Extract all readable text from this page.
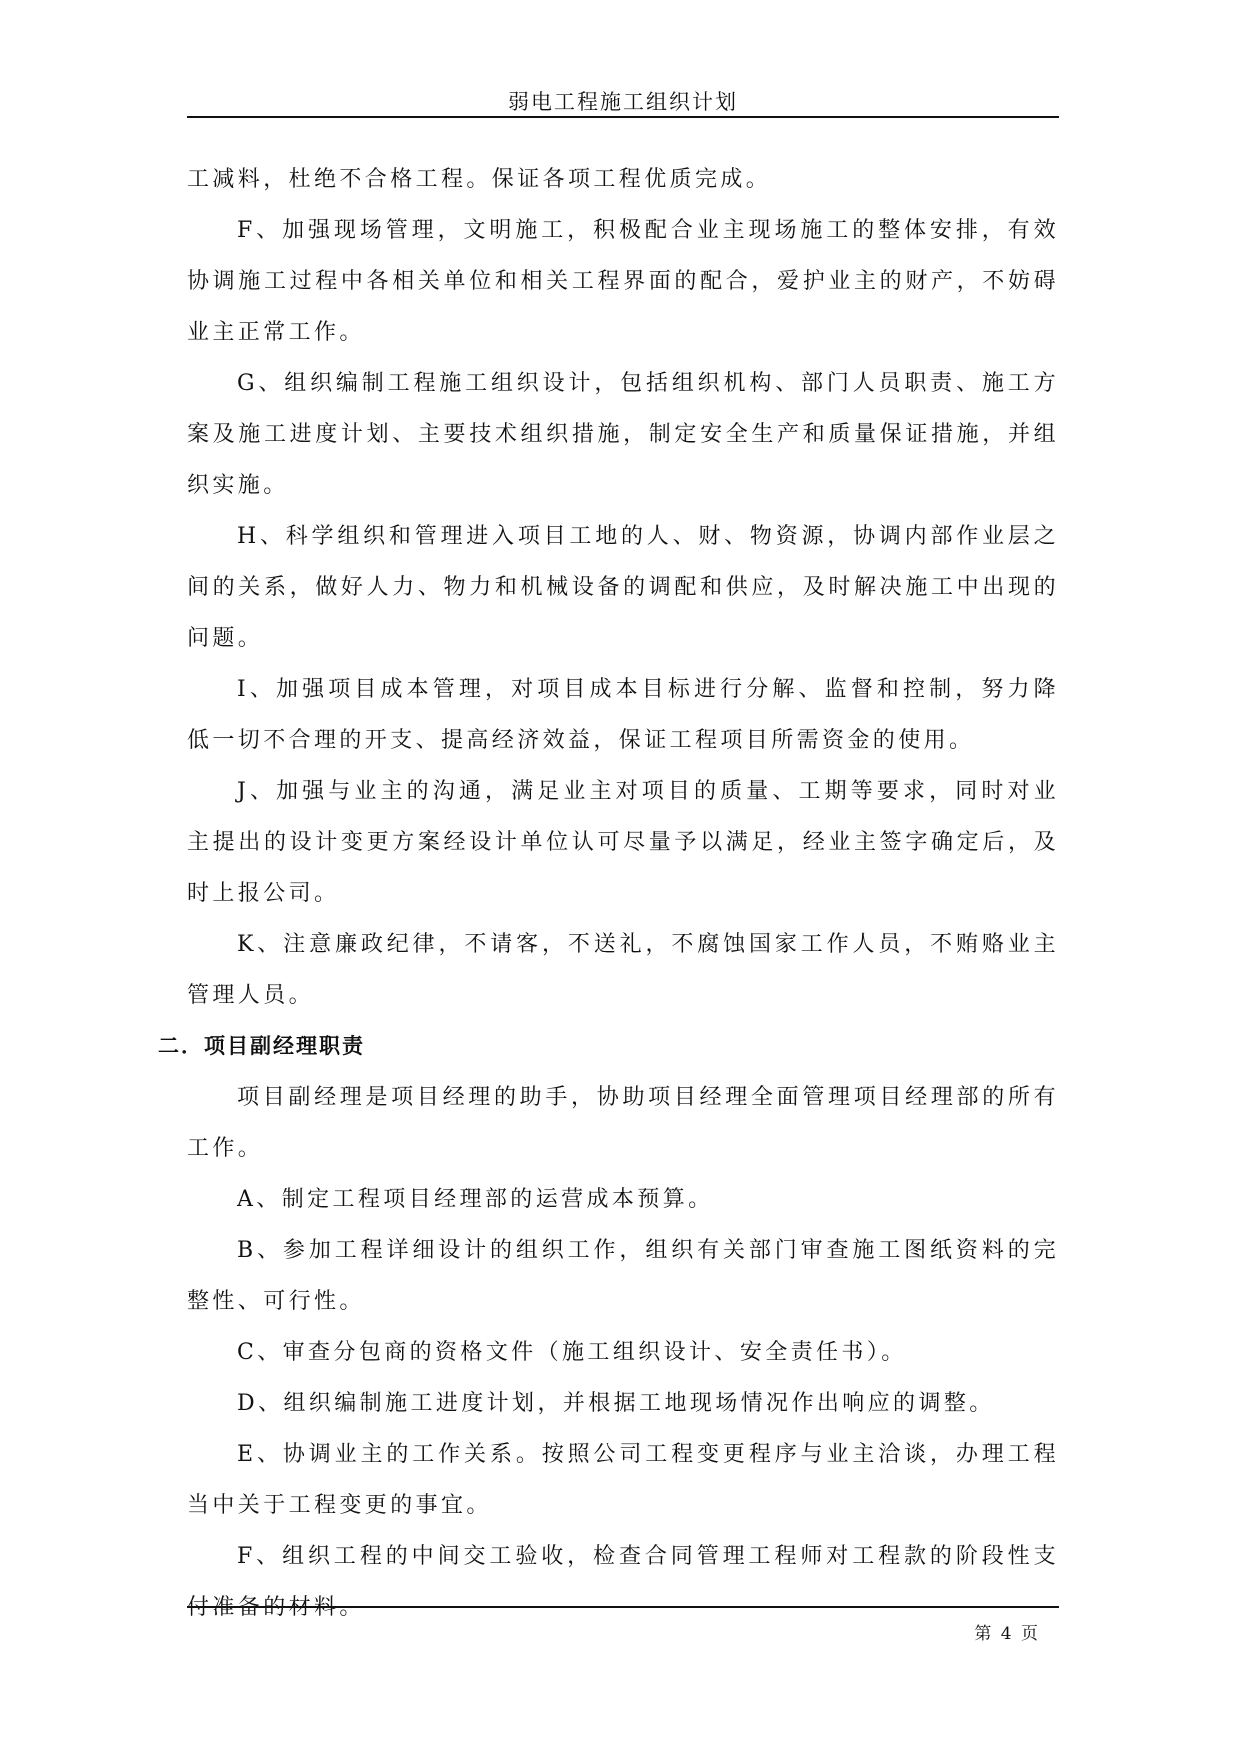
弱电工程施工组织计划

工减料，杜绝不合格工程。保证各项工程优质完成。

F、加强现场管理，文明施工，积极配合业主现场施工的整体安排，有效协调施工过程中各相关单位和相关工程界面的配合，爱护业主的财产，不妨碍业主正常工作。

G、组织编制工程施工组织设计，包括组织机构、部门人员职责、施工方案及施工进度计划、主要技术组织措施，制定安全生产和质量保证措施，并组织实施。

H、科学组织和管理进入项目工地的人、财、物资源，协调内部作业层之间的关系，做好人力、物力和机械设备的调配和供应，及时解决施工中出现的问题。

I、加强项目成本管理，对项目成本目标进行分解、监督和控制，努力降低一切不合理的开支、提高经济效益，保证工程项目所需资金的使用。

J、加强与业主的沟通，满足业主对项目的质量、工期等要求，同时对业主提出的设计变更方案经设计单位认可尽量予以满足，经业主签字确定后，及时上报公司。

K、注意廉政纪律，不请客，不送礼，不腐蚀国家工作人员，不贿赂业主管理人员。

二．项目副经理职责

项目副经理是项目经理的助手，协助项目经理全面管理项目经理部的所有工作。

A、制定工程项目经理部的运营成本预算。

B、参加工程详细设计的组织工作，组织有关部门审查施工图纸资料的完整性、可行性。

C、审查分包商的资格文件（施工组织设计、安全责任书）。

D、组织编制施工进度计划，并根据工地现场情况作出响应的调整。

E、协调业主的工作关系。按照公司工程变更程序与业主洽谈，办理工程当中关于工程变更的事宜。

F、组织工程的中间交工验收，检查合同管理工程师对工程款的阶段性支付准备的材料。

第 4 页
